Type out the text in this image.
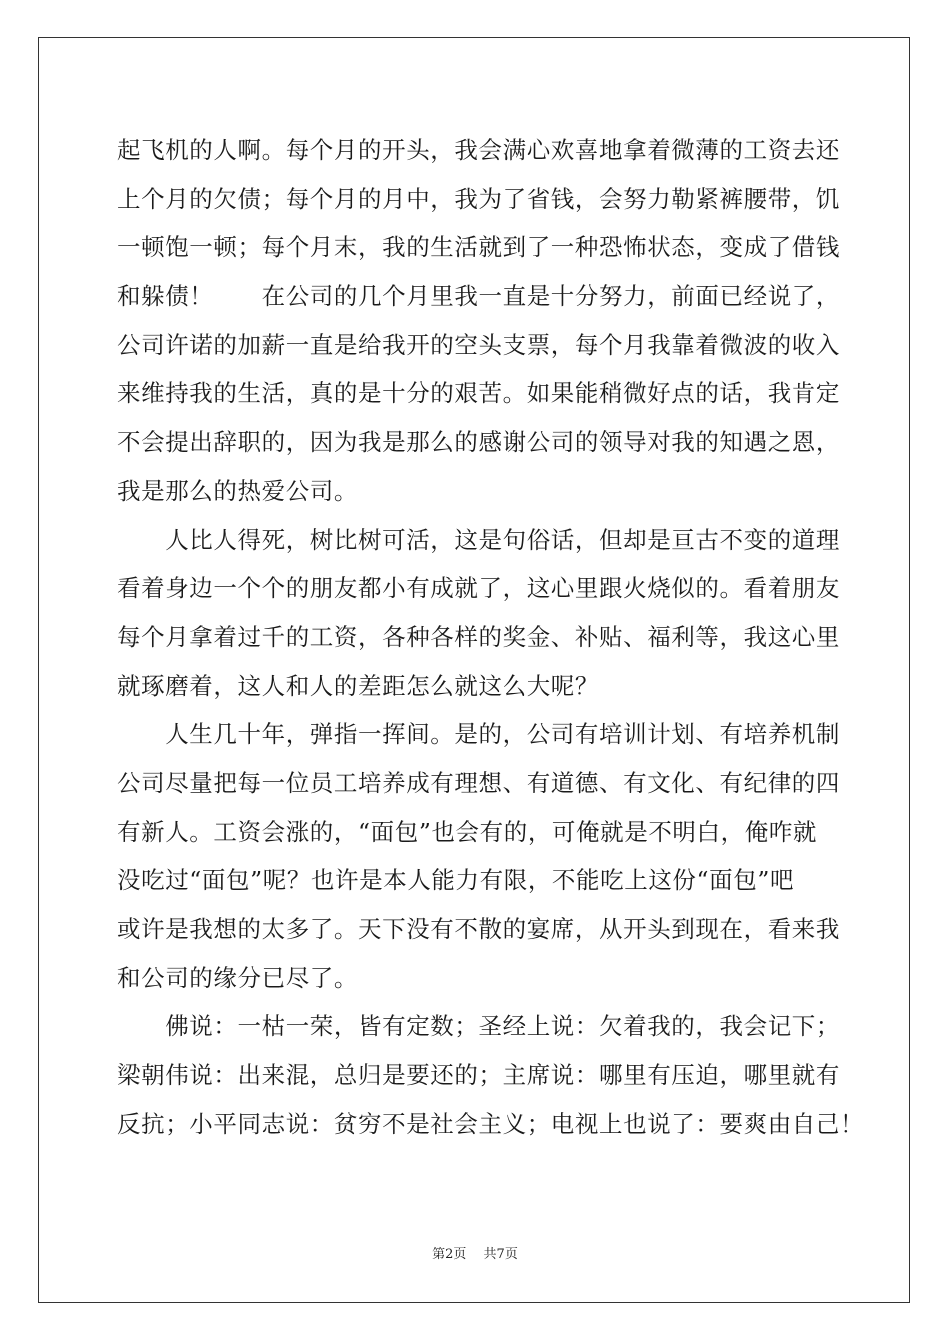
起飞机的人啊。每个月的开头，我会满心欢喜地拿着微薄的工资去还
上个月的欠债；每个月的月中，我为了省钱，会努力勒紧裤腰带，饥
一顿饱一顿；每个月末，我的生活就到了一种恐怖状态，变成了借钱
和躲债！　　在公司的几个月里我一直是十分努力，前面已经说了，
公司许诺的加薪一直是给我开的空头支票，每个月我靠着微波的收入
来维持我的生活，真的是十分的艰苦。如果能稍微好点的话，我肯定
不会提出辞职的，因为我是那么的感谢公司的领导对我的知遇之恩，
我是那么的热爱公司。
　　人比人得死，树比树可活，这是句俗话，但却是亘古不变的道理
看着身边一个个的朋友都小有成就了，这心里跟火烧似的。看着朋友
每个月拿着过千的工资，各种各样的奖金、补贴、福利等，我这心里
就琢磨着，这人和人的差距怎么就这么大呢？
　　人生几十年，弹指一挥间。是的，公司有培训计划、有培养机制
公司尽量把每一位员工培养成有理想、有道德、有文化、有纪律的四
有新人。工资会涨的，“面包”也会有的，可俺就是不明白，俺咋就
没吃过“面包”呢？也许是本人能力有限，不能吃上这份“面包”吧
或许是我想的太多了。天下没有不散的宴席，从开头到现在，看来我
和公司的缘分已尽了。
　　佛说：一枯一荣，皆有定数；圣经上说：欠着我的，我会记下；
梁朝伟说：出来混，总归是要还的；主席说：哪里有压迫，哪里就有
反抗；小平同志说：贫穷不是社会主义；电视上也说了：要爽由自己！
第2页　 共7页
